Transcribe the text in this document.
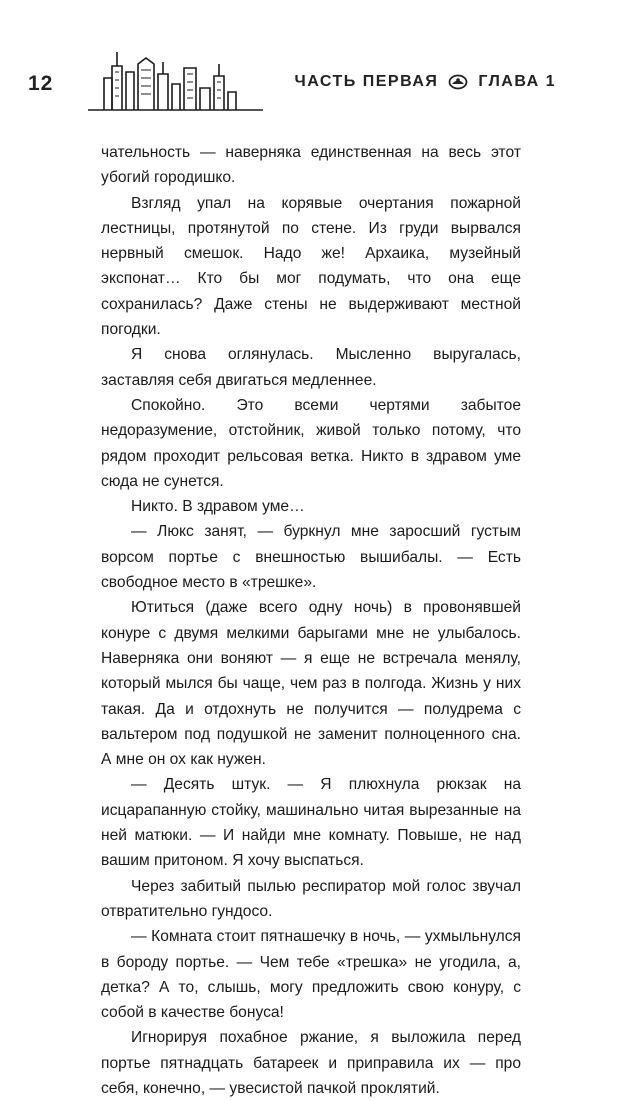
12	ЧАСТЬ ПЕРВАЯ	ГЛАВА 1

чательность — наверняка единственная на весь этот убогий городишко.

Взгляд упал на корявые очертания пожарной лестницы, протянутой по стене. Из груди вырвался нервный смешок. Надо же! Архаика, музейный экспонат… Кто бы мог подумать, что она еще сохранилась? Даже стены не выдерживают местной погодки.

Я снова оглянулась. Мысленно выругалась, заставляя себя двигаться медленнее.

Спокойно. Это всеми чертями забытое недоразумение, отстойник, живой только потому, что рядом проходит рельсовая ветка. Никто в здравом уме сюда не сунется.

Никто. В здравом уме…

— Люкс занят, — буркнул мне заросший густым ворсом портье с внешностью вышибалы. — Есть свободное место в «трешке».

Ютиться (даже всего одну ночь) в провонявшей конуре с двумя мелкими барыгами мне не улыбалось. Наверняка они воняют — я еще не встречала менялу, который мылся бы чаще, чем раз в полгода. Жизнь у них такая. Да и отдохнуть не получится — полудрема с вальтером под подушкой не заменит полноценного сна. А мне он ох как нужен.

— Десять штук. — Я плюхнула рюкзак на исцарапанную стойку, машинально читая вырезанные на ней матюки. — И найди мне комнату. Повыше, не над вашим притоном. Я хочу выспаться.

Через забитый пылью респиратор мой голос звучал отвратительно гундосо.

— Комната стоит пятнашечку в ночь, — ухмыльнулся в бороду портье. — Чем тебе «трешка» не угодила, а, детка? А то, слышь, могу предложить свою конуру, с собой в качестве бонуса!

Игнорируя похабное ржание, я выложила перед портье пятнадцать батареек и приправила их — про себя, конечно, — увесистой пачкой проклятий.
